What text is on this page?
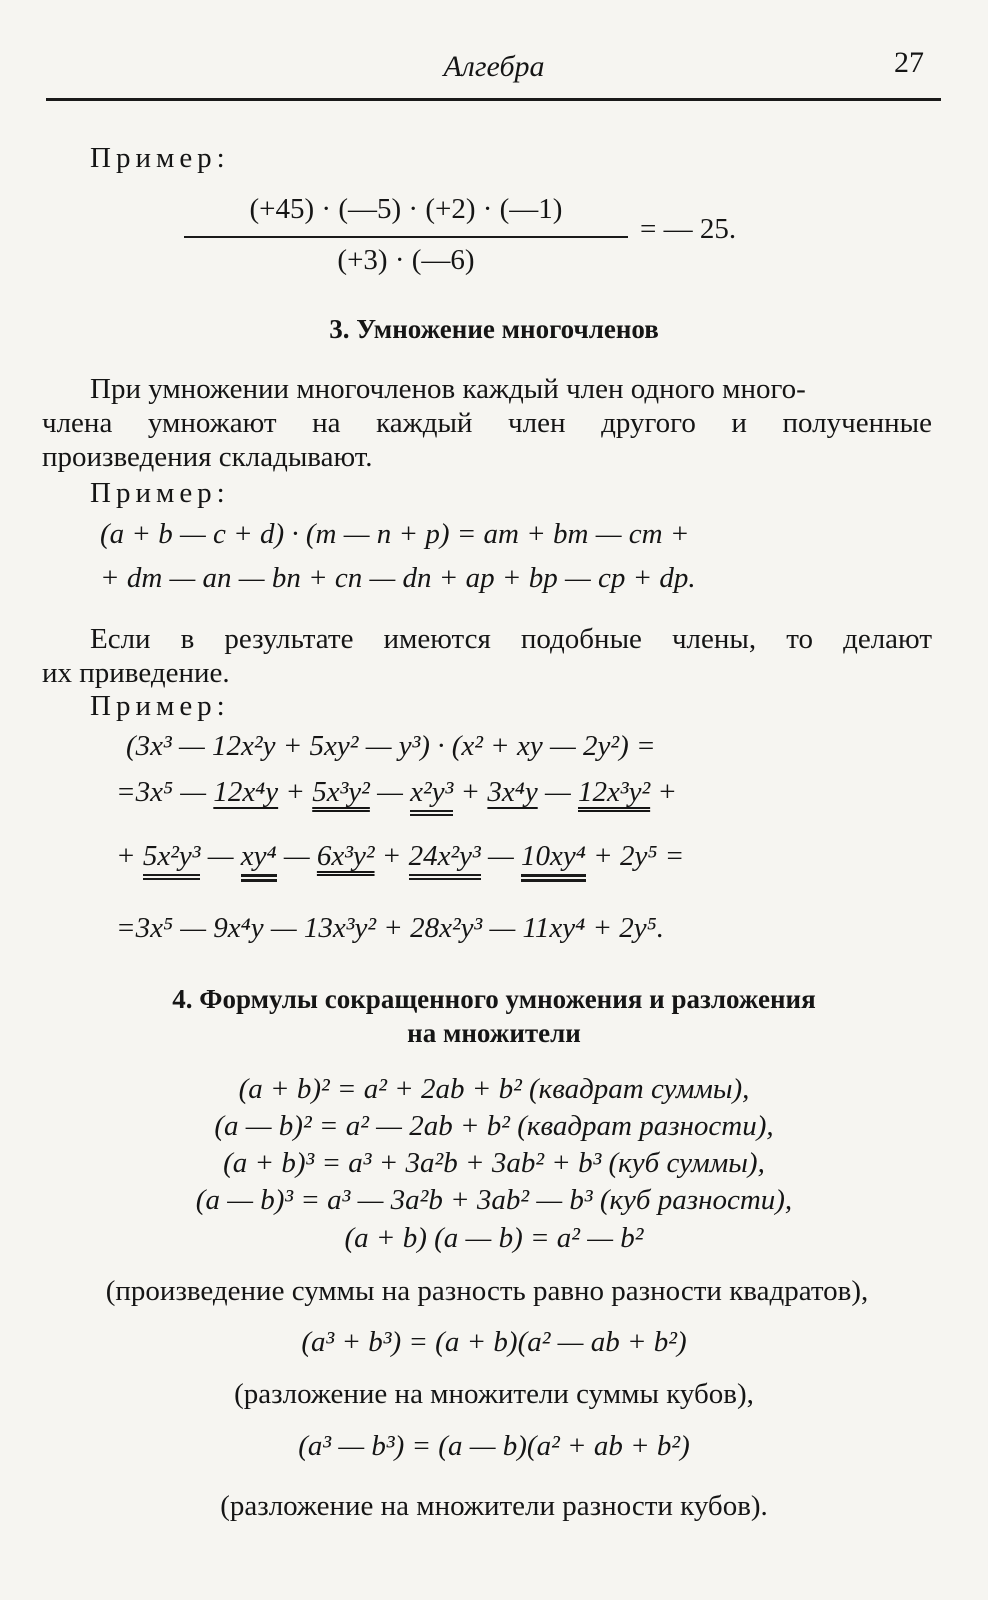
Алгебра	27
Пример:
(+45) · (—5) · (+2) · (—1)
(+3) · (—6)
= — 25.
3. Умножение многочленов
При умножении многочленов каждый член одного много-
члена умножают на каждый член другого и полученные
произведения складывают.
Пример:
(a + b — c + d) · (m — n + p) = am + bm — cm +
+ dm — an — bn + cn — dn + ap + bp — cp + dp.
Если в результате имеются подобные члены, то делают
их приведение.
Пример:
(3x³ — 12x²y + 5xy² — y³) · (x² + xy — 2y²) =
=3x⁵ — 12x⁴y + 5x³y² — x²y³ + 3x⁴y — 12x³y² +
+ 5x²y³ — xy⁴ — 6x³y² + 24x²y³ — 10xy⁴ + 2y⁵ =
=3x⁵ — 9x⁴y — 13x³y² + 28x²y³ — 11xy⁴ + 2y⁵.
4. Формулы сокращенного умножения и разложения
на множители
(a + b)² = a² + 2ab + b² (квадрат суммы),
(a — b)² = a² — 2ab + b² (квадрат разности),
(a + b)³ = a³ + 3a²b + 3ab² + b³ (куб суммы),
(a — b)³ = a³ — 3a²b + 3ab² — b³ (куб разности),
(a + b) (a — b) = a² — b²
(произведение суммы на разность равно разности квадратов),
(a³ + b³) = (a + b)(a² — ab + b²)
(разложение на множители суммы кубов),
(a³ — b³) = (a — b)(a² + ab + b²)
(разложение на множители разности кубов).
